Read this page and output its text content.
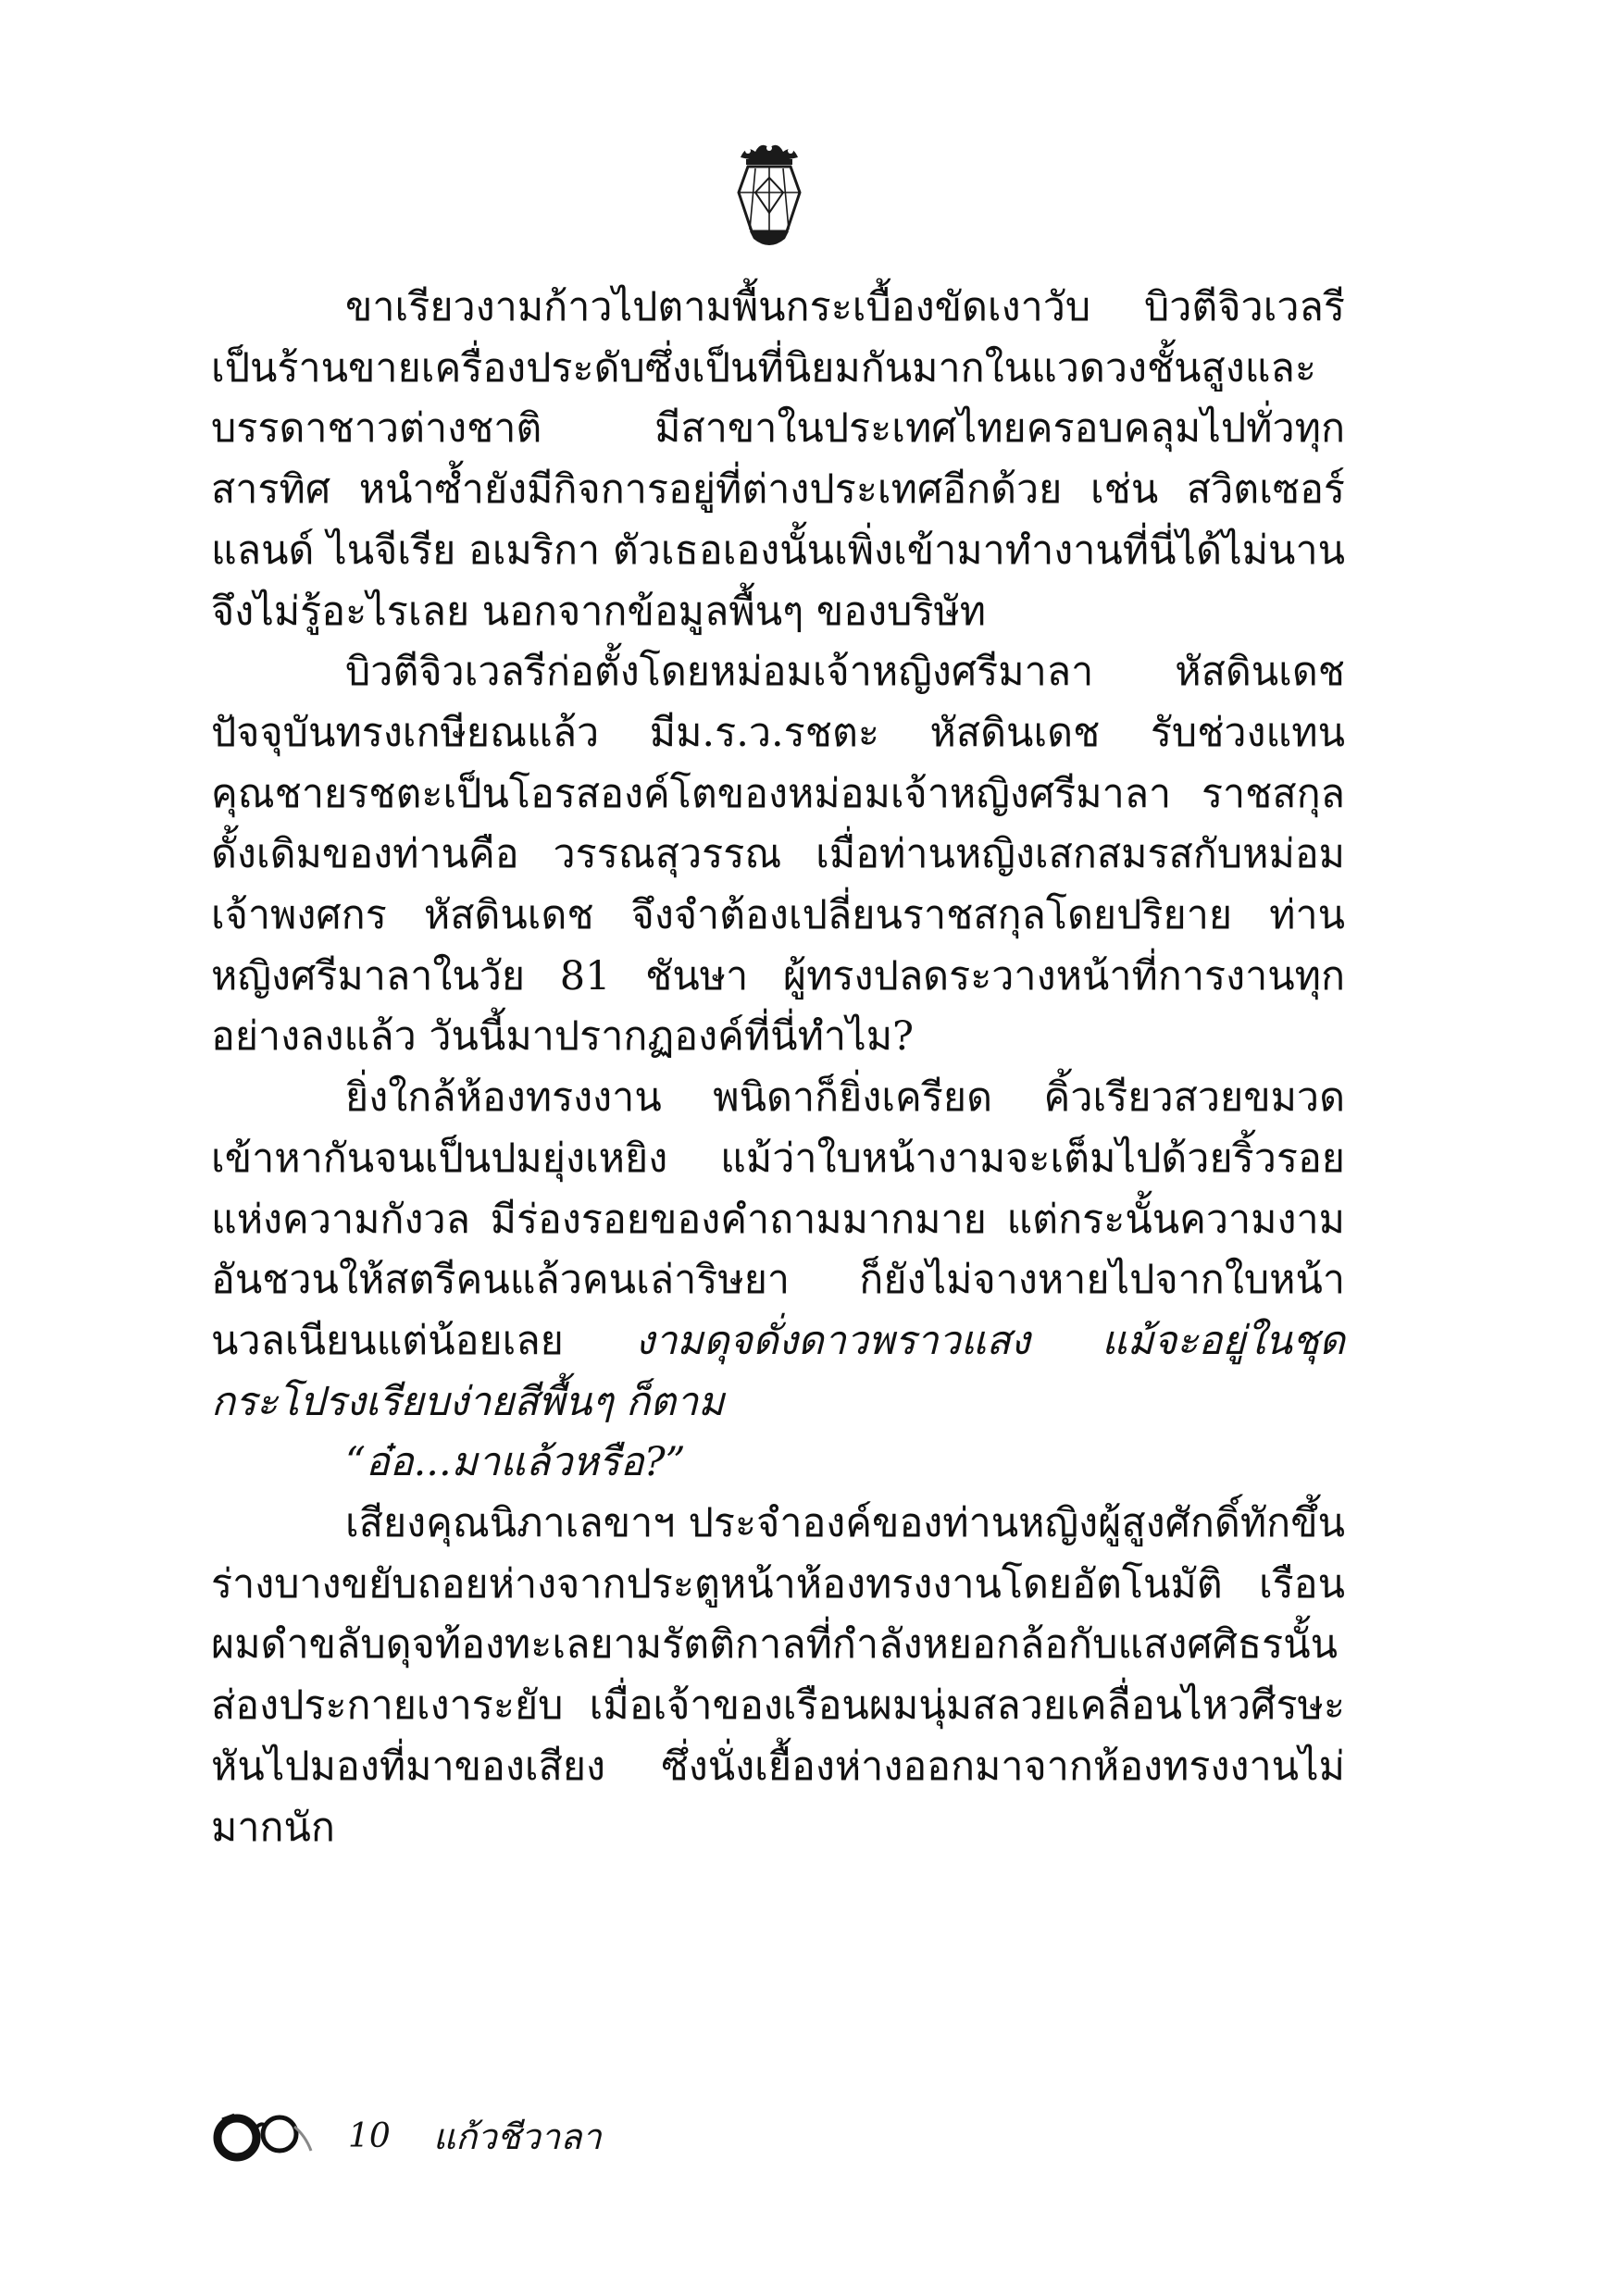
ขาเรียวงามก้าวไปตามพื้นกระเบื้องขัดเงาวับ บิวตีจิวเวลรีเป็นร้านขายเครื่องประดับซึ่งเป็นที่นิยมกันมากในแวดวงชั้นสูงและบรรดาชาวต่างชาติ มีสาขาในประเทศไทยครอบคลุมไปทั่วทุกสารทิศ หนำซ้ำยังมีกิจการอยู่ที่ต่างประเทศอีกด้วย เช่น สวิตเซอร์แลนด์ ไนจีเรีย อเมริกา ตัวเธอเองนั้นเพิ่งเข้ามาทำงานที่นี่ได้ไม่นาน จึงไม่รู้อะไรเลย นอกจากข้อมูลพื้นๆ ของบริษัท

บิวตีจิวเวลรีก่อตั้งโดยหม่อมเจ้าหญิงศรีมาลา หัสดินเดช ปัจจุบันทรงเกษียณแล้ว มีม.ร.ว.รชตะ หัสดินเดช รับช่วงแทน คุณชายรชตะเป็นโอรสองค์โตของหม่อมเจ้าหญิงศรีมาลา ราชสกุลดั้งเดิมของท่านคือ วรรณสุวรรณ เมื่อท่านหญิงเสกสมรสกับหม่อมเจ้าพงศกร หัสดินเดช จึงจำต้องเปลี่ยนราชสกุลโดยปริยาย ท่านหญิงศรีมาลาในวัย 81 ชันษา ผู้ทรงปลดระวางหน้าที่การงานทุกอย่างลงแล้ว วันนี้มาปรากฏองค์ที่นี่ทำไม?

ยิ่งใกล้ห้องทรงงาน พนิดาก็ยิ่งเครียด คิ้วเรียวสวยขมวดเข้าหากันจนเป็นปมยุ่งเหยิง แม้ว่าใบหน้างามจะเต็มไปด้วยริ้วรอยแห่งความกังวล มีร่องรอยของคำถามมากมาย แต่กระนั้นความงามอันชวนให้สตรีคนแล้วคนเล่าริษยา ก็ยังไม่จางหายไปจากใบหน้านวลเนียนแต่น้อยเลย งามดุจดั่งดาวพราวแสง แม้จะอยู่ในชุดกระโปรงเรียบง่ายสีพื้นๆ ก็ตาม

“อ๋อ...มาแล้วหรือ?”

เสียงคุณนิภาเลขาฯ ประจำองค์ของท่านหญิงผู้สูงศักดิ์ทักขึ้น ร่างบางขยับถอยห่างจากประตูหน้าห้องทรงงานโดยอัตโนมัติ เรือนผมดำขลับดุจท้องทะเลยามรัตติกาลที่กำลังหยอกล้อกับแสงศศิธรนั้นส่องประกายเงาระยับ เมื่อเจ้าของเรือนผมนุ่มสลวยเคลื่อนไหวศีรษะหันไปมองที่มาของเสียง ซึ่งนั่งเยื้องห่างออกมาจากห้องทรงงานไม่มากนัก

10 แก้วชีวาลา
